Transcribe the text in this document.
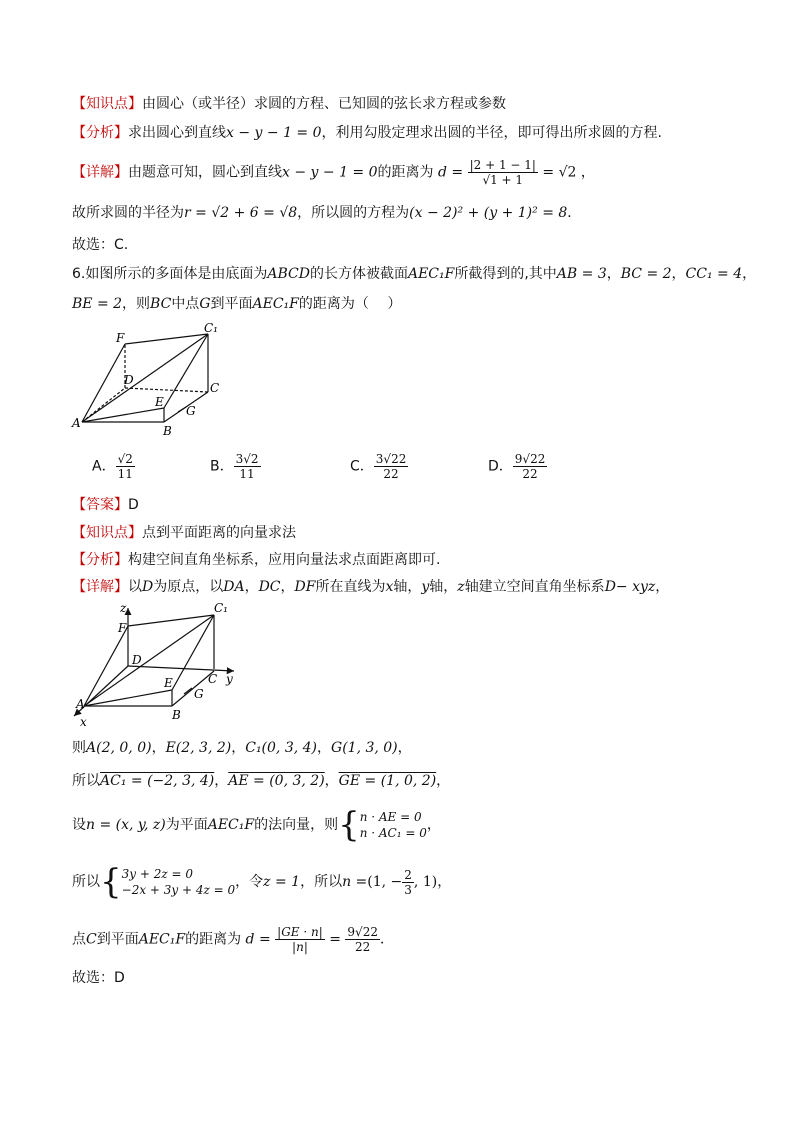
【知识点】由圆心（或半径）求圆的方程、已知圆的弦长求方程或参数
【分析】求出圆心到直线x − y − 1 = 0，利用勾股定理求出圆的半径，即可得出所求圆的方程.
【详解】由题意可知，圆心到直线x − y − 1 = 0的距离为 $d = \frac{|2 + 1 - 1|}{√1 + 1} = √2$ ，
故所求圆的半径为r = √2 + 6 = √8，所以圆的方程为(x − 2)² + (y + 1)² = 8．
故选：C.
6.如图所示的多面体是由底面为ABCD的长方体被截面AEC₁F所截得到的,其中AB = 3，BC = 2，CC₁ = 4，
BE = 2，则BC中点G到平面AEC₁F的距离为（　 ）
F
C₁
D
C
E
G
A
B
A． $\frac{√2}{11}$	B． $\frac{3√2}{11}$	C． $\frac{3√22}{22}$	D． $\frac{9√22}{22}$
【答案】D
【知识点】点到平面距离的向量求法
【分析】构建空间直角坐标系，应用向量法求点面距离即可.
【详解】以D为原点，以DA，DC，DF所在直线为x轴，y轴，z轴建立空间直角坐标系D− xyz，
z
F
C₁
D
C y
E
G
A
B
x
则A(2, 0, 0)，E(2, 3, 2)，C₁(0, 3, 4)，G(1, 3, 0)，
所以AC₁ = (−2, 3, 4)，AE = (0, 3, 2)，GE = (1, 0, 2)，
设n = (x, y, z)为平面AEC₁F的法向量，则{ n · AE = 0
n · AC₁ = 0 ，
所以{ 3y + 2z = 0
−2x + 3y + 4z = 0 ，令z = 1，所以n =(1, − $\frac{2}{3}$ , 1)，
点C到平面AEC₁F的距离为 $d = \frac{|GE \cdot n|}{|n|} = \frac{9√22}{22}$ ．
故选：D
